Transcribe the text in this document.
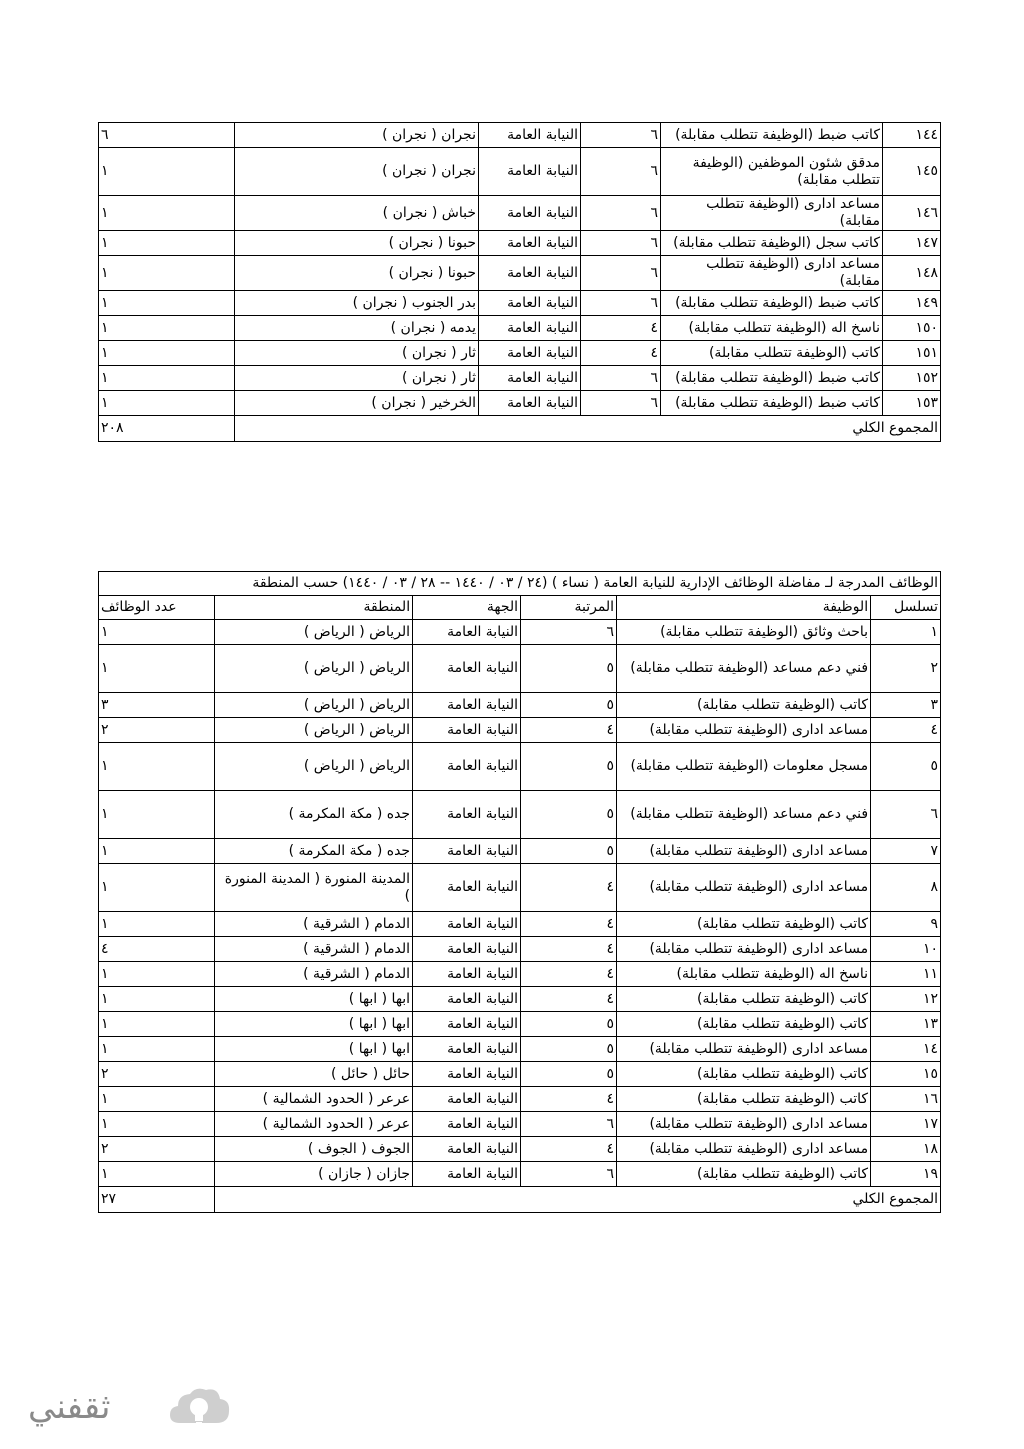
١٤٤	كاتب ضبط (الوظيفة تتطلب مقابلة)	٦	النيابة العامة	نجران ( نجران )	٦
١٤٥	مدقق شئون الموظفين (الوظيفة تتطلب مقابلة)	٦	النيابة العامة	نجران ( نجران )	١
١٤٦	مساعد ادارى (الوظيفة تتطلب مقابلة)	٦	النيابة العامة	خباش ( نجران )	١
١٤٧	كاتب سجل (الوظيفة تتطلب مقابلة)	٦	النيابة العامة	حبونا ( نجران )	١
١٤٨	مساعد ادارى (الوظيفة تتطلب مقابلة)	٦	النيابة العامة	حبونا ( نجران )	١
١٤٩	كاتب ضبط (الوظيفة تتطلب مقابلة)	٦	النيابة العامة	بدر الجنوب ( نجران )	١
١٥٠	ناسخ اله (الوظيفة تتطلب مقابلة)	٤	النيابة العامة	يدمه ( نجران )	١
١٥١	كاتب (الوظيفة تتطلب مقابلة)	٤	النيابة العامة	ثار ( نجران )	١
١٥٢	كاتب ضبط (الوظيفة تتطلب مقابلة)	٦	النيابة العامة	ثار ( نجران )	١
١٥٣	كاتب ضبط (الوظيفة تتطلب مقابلة)	٦	النيابة العامة	الخرخير ( نجران )	١
المجموع الكلي					٢٠٨
الوظائف المدرجة لـ مفاضلة الوظائف الإدارية للنيابة العامة ( نساء ) (٢٤ / ٠٣ / ١٤٤٠ -- ٢٨ / ٠٣ / ١٤٤٠) حسب المنطقة					
تسلسل	الوظيفة	المرتبة	الجهة	المنطقة	عدد الوظائف
١	باحث وثائق (الوظيفة تتطلب مقابلة)	٦	النيابة العامة	الرياض ( الرياض )	١
٢	فني دعم مساعد (الوظيفة تتطلب مقابلة)	٥	النيابة العامة	الرياض ( الرياض )	١
٣	كاتب (الوظيفة تتطلب مقابلة)	٥	النيابة العامة	الرياض ( الرياض )	٣
٤	مساعد ادارى (الوظيفة تتطلب مقابلة)	٤	النيابة العامة	الرياض ( الرياض )	٢
٥	مسجل معلومات (الوظيفة تتطلب مقابلة)	٥	النيابة العامة	الرياض ( الرياض )	١
٦	فني دعم مساعد (الوظيفة تتطلب مقابلة)	٥	النيابة العامة	جده ( مكة المكرمة )	١
٧	مساعد ادارى (الوظيفة تتطلب مقابلة)	٥	النيابة العامة	جده ( مكة المكرمة )	١
٨	مساعد ادارى (الوظيفة تتطلب مقابلة)	٤	النيابة العامة	المدينة المنورة ( المدينة المنورة )	١
٩	كاتب (الوظيفة تتطلب مقابلة)	٤	النيابة العامة	الدمام ( الشرقية )	١
١٠	مساعد ادارى (الوظيفة تتطلب مقابلة)	٤	النيابة العامة	الدمام ( الشرقية )	٤
١١	ناسخ اله (الوظيفة تتطلب مقابلة)	٤	النيابة العامة	الدمام ( الشرقية )	١
١٢	كاتب (الوظيفة تتطلب مقابلة)	٤	النيابة العامة	ابها ( ابها )	١
١٣	كاتب (الوظيفة تتطلب مقابلة)	٥	النيابة العامة	ابها ( ابها )	١
١٤	مساعد ادارى (الوظيفة تتطلب مقابلة)	٥	النيابة العامة	ابها ( ابها )	١
١٥	كاتب (الوظيفة تتطلب مقابلة)	٥	النيابة العامة	حائل ( حائل )	٢
١٦	كاتب (الوظيفة تتطلب مقابلة)	٤	النيابة العامة	عرعر ( الحدود الشمالية )	١
١٧	مساعد ادارى (الوظيفة تتطلب مقابلة)	٦	النيابة العامة	عرعر ( الحدود الشمالية )	١
١٨	مساعد ادارى (الوظيفة تتطلب مقابلة)	٤	النيابة العامة	الجوف ( الجوف )	٢
١٩	كاتب (الوظيفة تتطلب مقابلة)	٦	النيابة العامة	جازان ( جازان )	١
المجموع الكلي					٢٧
ثقفني
